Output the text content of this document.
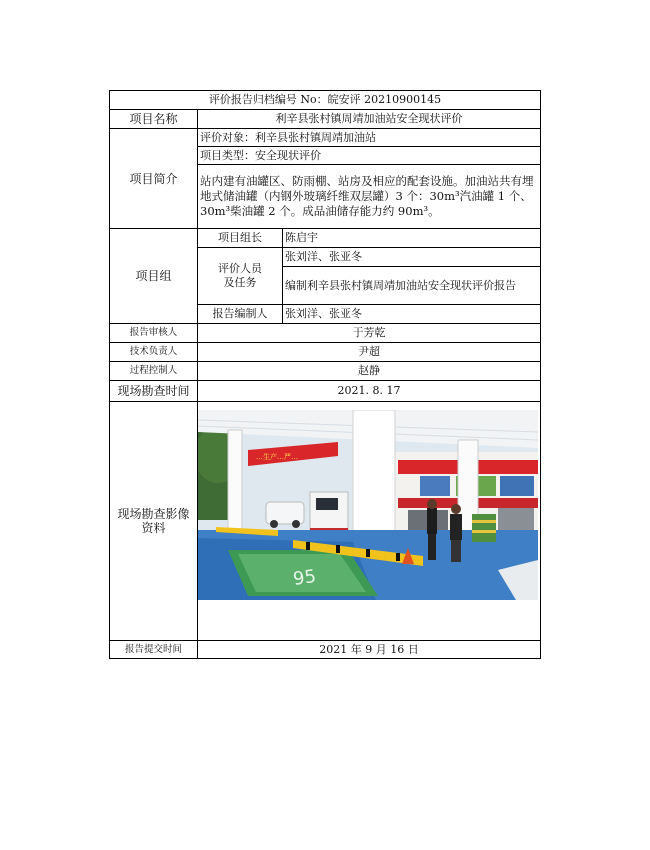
评价报告归档编号 No：皖安评 20210900145		
项目名称	利辛县张村镇周靖加油站安全现状评价	
项目简介	评价对象：利辛县张村镇周靖加油站	
	项目类型：安全现状评价	
	站内建有油罐区、防雨棚、站房及相应的配套设施。加油站共有埋地式储油罐（内钢外玻璃纤维双层罐）3 个：30m³汽油罐 1 个、30m³柴油罐 2 个。成品油储存能力约 90m³。	
项目组	项目组长	陈启宇
	评价人员及任务	张刘洋、张亚冬
		编制利辛县张村镇周靖加油站安全现状评价报告
	报告编制人	张刘洋、张亚冬
报告审核人	于芳乾	
技术负责人	尹超	
过程控制人	赵静	
现场勘查时间	2021. 8. 17	
现场勘查影像资料	…生产…严…
95	

报告提交时间	2021 年 9 月 16 日	
